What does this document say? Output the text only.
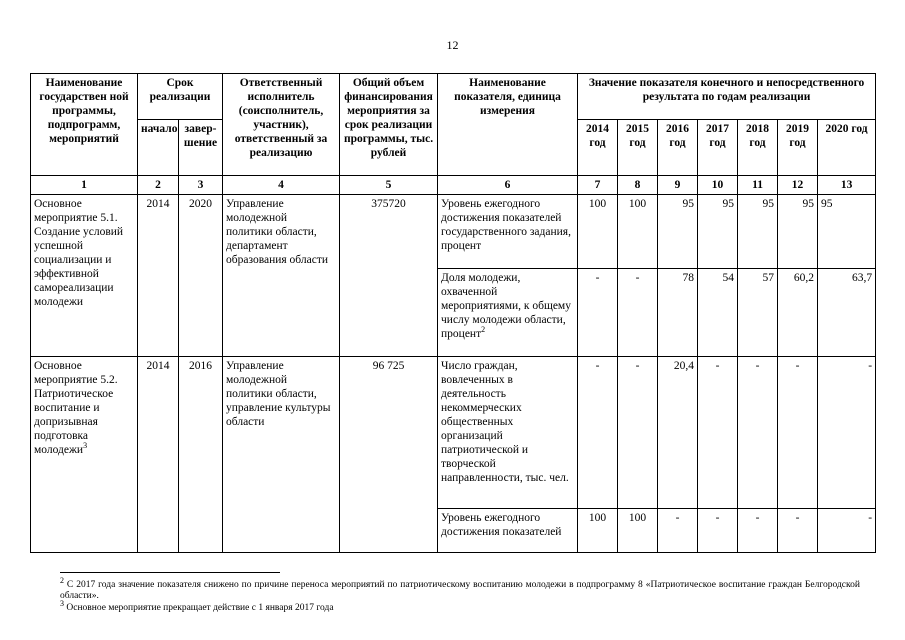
12
Наименование государствен ной программы, подпрограмм, мероприятий	Срок реализации		Ответственный исполнитель (соисполнитель, участник), ответственный за реализацию	Общий объем финансирования мероприятия за срок реализации программы, тыс. рублей	Наименование показателя, единица измерения	Значение показателя конечного и непосредственного результата по годам реализации						
	начало	завер-шение				2014 год	2015 год	2016 год	2017 год	2018 год	2019 год	2020 год
1	2	3	4	5	6	7	8	9	10	11	12	13
Основное мероприятие 5.1. Создание условий успешной социализации и эффективной самореализации молодежи	2014	2020	Управление молодежной политики области, департамент образования области	375720	Уровень ежегодного достижения показателей государственного задания, процент	100	100	95	95	95	95	95
					Доля молодежи, охваченной мероприятиями, к общему числу молодежи области, процент$^2$	-	-	78	54	57	60,2	63,7
Основное мероприятие 5.2. Патриотическое воспитание и допризывная подготовка молодежи$^3$	2014	2016	Управление молодежной политики области, управление культуры области	96 725	Число граждан, вовлеченных в деятельность некоммерческих общественных организаций патриотической и творческой направленности, тыс. чел.	-	-	20,4	-	-	-	-
					Уровень ежегодного достижения показателей	100	100	-	-	-	-	-

$^2$ С 2017 года значение показателя снижено по причине переноса мероприятий по патриотическому воспитанию молодежи в подпрограмму 8 «Патриотическое воспитание граждан Белгородской области».

$^3$ Основное мероприятие прекращает действие с 1 января 2017 года
